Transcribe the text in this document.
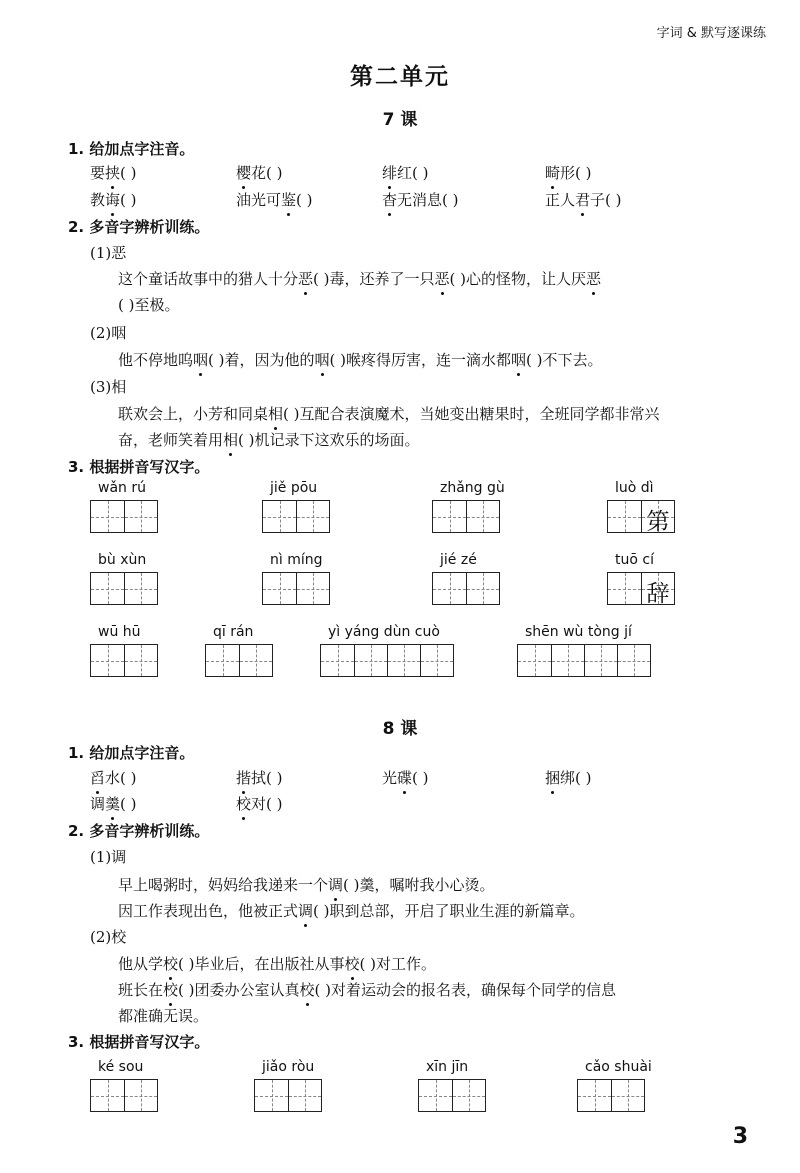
字词 & 默写逐课练
第二单元
7 课
1. 给加点字注音。
要挟( )	樱花( )	绯红( )	畸形( )
教诲( )	油光可鉴( )	杳无消息( )	正人君子( )
2. 多音字辨析训练。
(1)恶
这个童话故事中的猎人十分恶( )毒，还养了一只恶( )心的怪物，让人厌恶
( )至极。
(2)咽
他不停地呜咽( )着，因为他的咽( )喉疼得厉害，连一滴水都咽( )不下去。
(3)相
联欢会上，小芳和同桌相( )互配合表演魔术，当她变出糖果时，全班同学都非常兴
奋，老师笑着用相( )机记录下这欢乐的场面。
3. 根据拼音写汉字。
wǎn rú	jiě pōu	zhǎng gù	luò dì
第
bù xùn	nì míng	jié zé	tuō cí
辞
wū hū	qī rán	yì yáng dùn cuò	shēn wù tòng jí
8 课
1. 给加点字注音。
舀水( )	揩拭( )	光碟( )	捆绑( )
调羹( )	校对( )
2. 多音字辨析训练。
(1)调
早上喝粥时，妈妈给我递来一个调( )羹，嘱咐我小心烫。
因工作表现出色，他被正式调( )职到总部，开启了职业生涯的新篇章。
(2)校
他从学校( )毕业后，在出版社从事校( )对工作。
班长在校( )团委办公室认真校( )对着运动会的报名表，确保每个同学的信息
都准确无误。
3. 根据拼音写汉字。
ké sou	jiǎo ròu	xīn jīn	cǎo shuài
3
